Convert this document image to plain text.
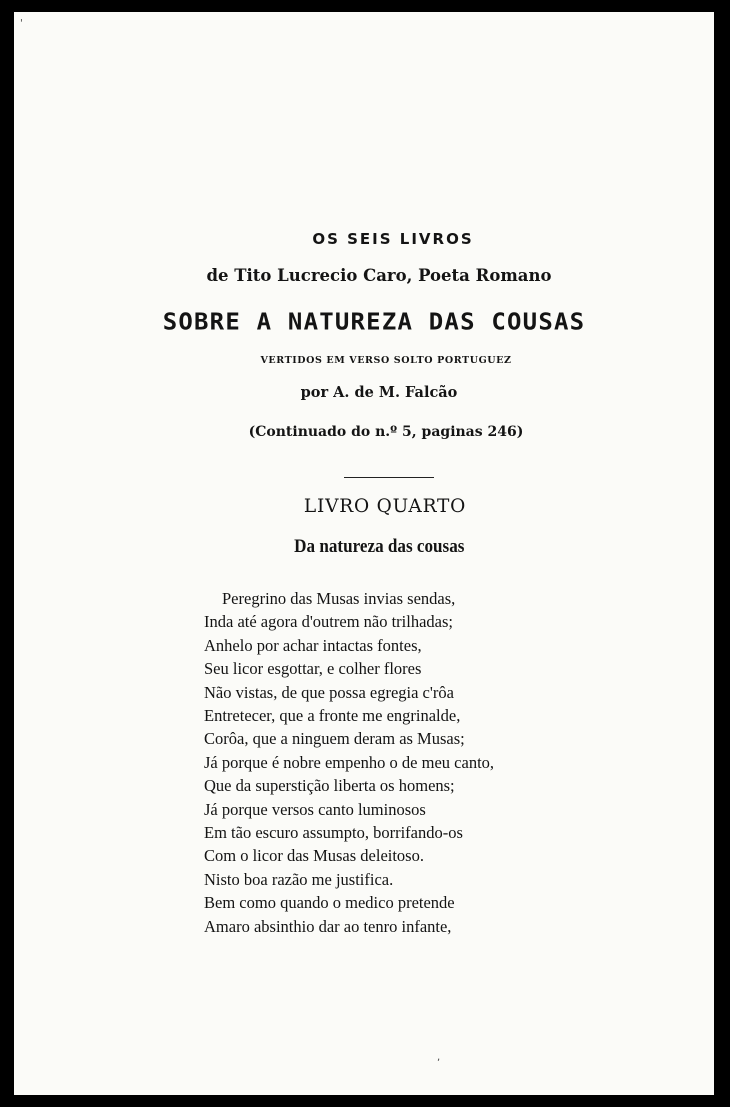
'
OS SEIS LIVROS
de Tito Lucrecio Caro, Poeta Romano
SOBRE A NATUREZA DAS COUSAS
VERTIDOS EM VERSO SOLTO PORTUGUEZ
por A. de M. Falcão
(Continuado do n.º 5, paginas 246)
LIVRO QUARTO
Da natureza das cousas
Peregrino das Musas invias sendas,
Inda até agora d'outrem não trilhadas;
Anhelo por achar intactas fontes,
Seu licor esgottar, e colher flores
Não vistas, de que possa egregia c'rôa
Entretecer, que a fronte me engrinalde,
Corôa, que a ninguem deram as Musas;
Já porque é nobre empenho o de meu canto,
Que da superstição liberta os homens;
Já porque versos canto luminosos
Em tão escuro assumpto, borrifando-os
Com o licor das Musas deleitoso.
Nisto boa razão me justifica.
Bem como quando o medico pretende
Amaro absinthio dar ao tenro infante,
,
